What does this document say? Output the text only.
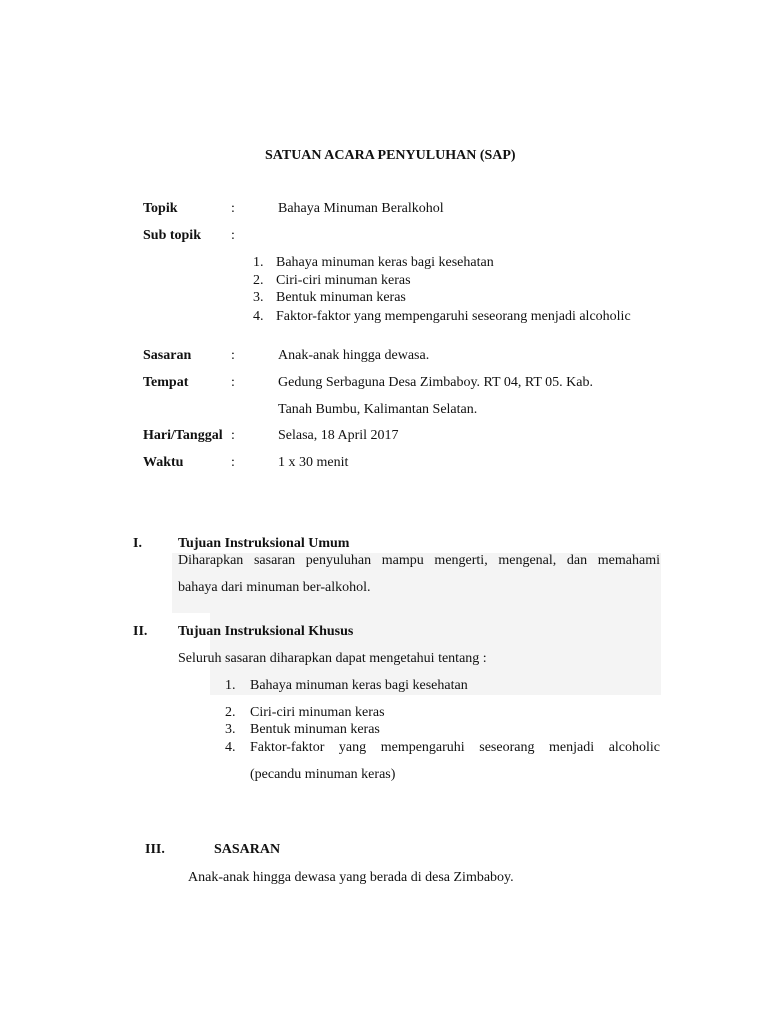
SATUAN ACARA PENYULUHAN (SAP)
Topik	:	Bahaya Minuman Beralkohol
Sub topik :
1. Bahaya minuman keras bagi kesehatan
2. Ciri-ciri minuman keras
3. Bentuk minuman keras
4. Faktor-faktor yang mempengaruhi seseorang menjadi alcoholic
Sasaran	:	Anak-anak hingga dewasa.
Tempat	:	Gedung Serbaguna Desa Zimbaboy. RT 04, RT 05. Kab.
Tanah Bumbu, Kalimantan Selatan.
Hari/Tanggal :	Selasa, 18 April 2017
Waktu	:	1 x 30 menit
I.	Tujuan Instruksional Umum
Diharapkan sasaran penyuluhan mampu mengerti, mengenal, dan memahami
bahaya dari minuman ber-alkohol.
II. Tujuan Instruksional Khusus
Seluruh sasaran diharapkan dapat mengetahui tentang :
1. Bahaya minuman keras bagi kesehatan
2. Ciri-ciri minuman keras
3. Bentuk minuman keras
4. Faktor-faktor yang mempengaruhi seseorang menjadi alcoholic
(pecandu minuman keras)
III.	SASARAN
Anak-anak hingga dewasa yang berada di desa Zimbaboy.
